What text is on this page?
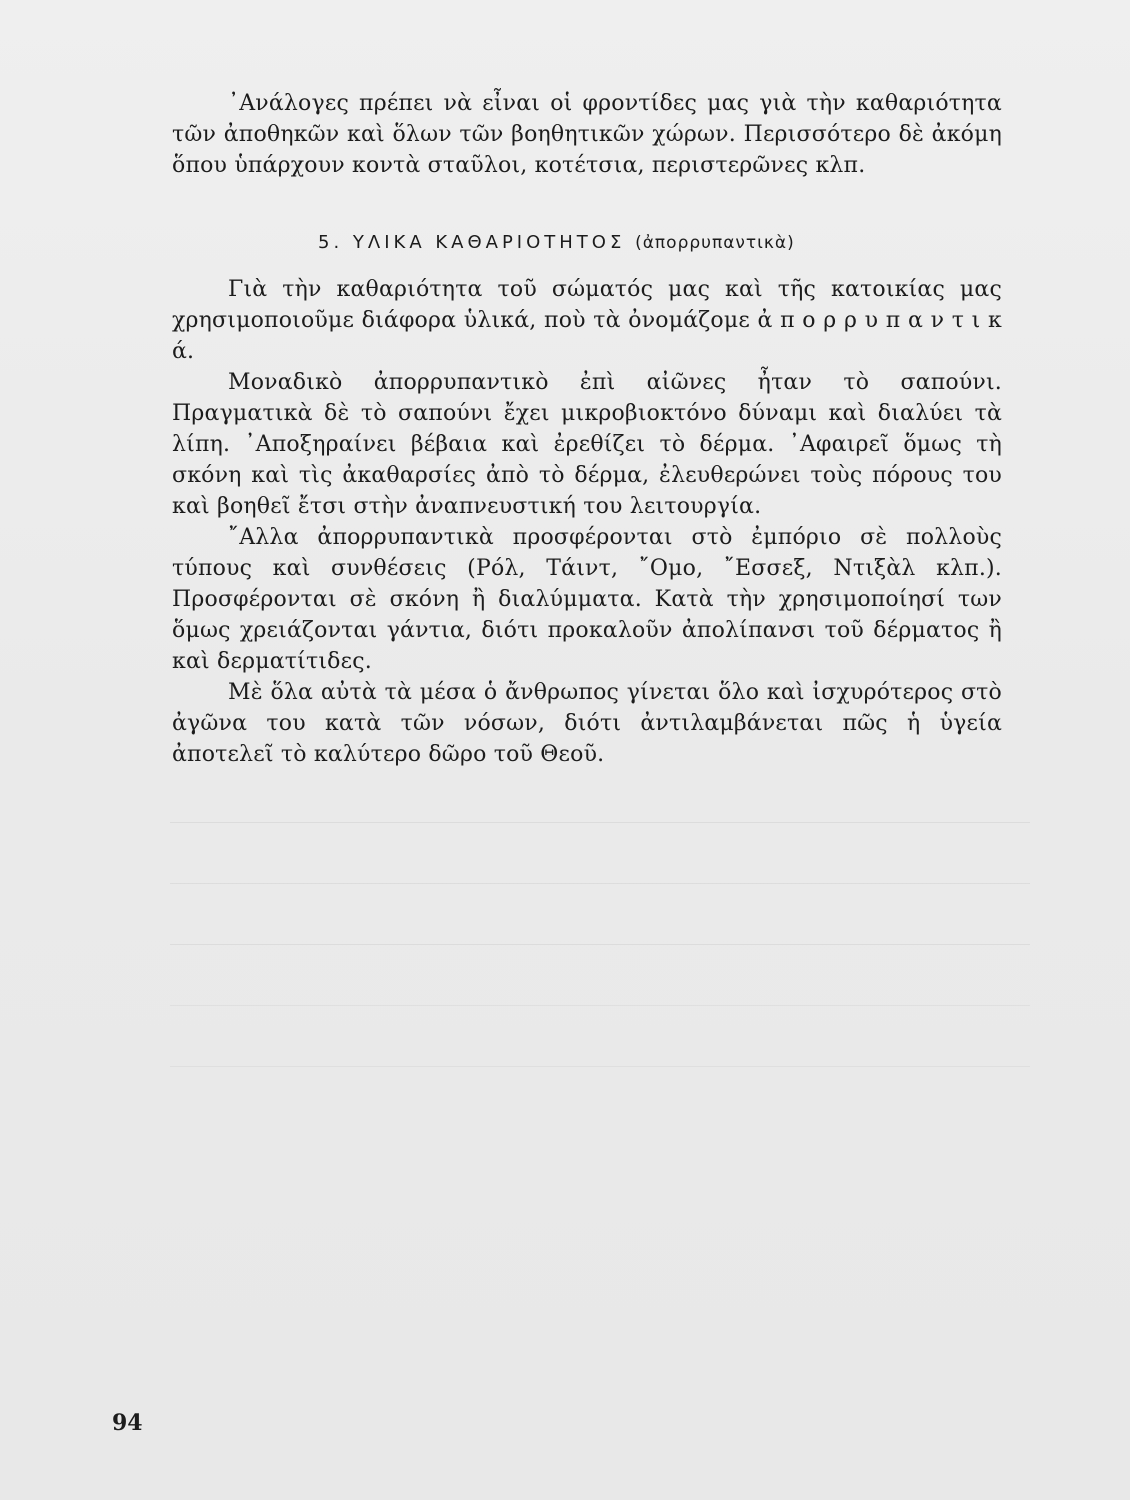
᾿Ανάλογες πρέπει νὰ εἶναι οἱ φροντίδες μας γιὰ τὴν καθαριότητα τῶν ἀποθηκῶν καὶ ὅλων τῶν βοηθητικῶν χώρων. Περισσότερο δὲ ἀκόμη ὅπου ὑπάρχουν κοντὰ σταῦλοι, κοτέτσια, περιστερῶνες κλπ.

5. ΥΛΙΚΑ ΚΑΘΑΡΙΟΤΗΤΟΣ (ἀπορρυπαντικὰ)

Γιὰ τὴν καθαριότητα τοῦ σώματός μας καὶ τῆς κατοικίας μας χρησιμοποιοῦμε διάφορα ὑλικά, ποὺ τὰ ὀνομάζομε ἀ π ο ρ ρ υ π α ν τ ι κ ά.

Μοναδικὸ ἀπορρυπαντικὸ ἐπὶ αἰῶνες ἦταν τὸ σαπούνι. Πραγματικὰ δὲ τὸ σαπούνι ἔχει μικροβιοκτόνο δύναμι καὶ διαλύει τὰ λίπη. ᾿Αποξηραίνει βέβαια καὶ ἐρεθίζει τὸ δέρμα. ᾿Αφαιρεῖ ὅμως τὴ σκόνη καὶ τὶς ἀκαθαρσίες ἀπὸ τὸ δέρμα, ἐλευθερώνει τοὺς πόρους του καὶ βοηθεῖ ἔτσι στὴν ἀναπνευστική του λειτουργία.

῎Αλλα ἀπορρυπαντικὰ προσφέρονται στὸ ἐμπόριο σὲ πολλοὺς τύπους καὶ συνθέσεις (Ρόλ, Τάιντ, ῎Ομο, ῎Εσσεξ, Ντιξὰλ κλπ.). Προσφέρονται σὲ σκόνη ἢ διαλύμματα. Κατὰ τὴν χρησιμοποίησί των ὅμως χρειάζονται γάντια, διότι προκαλοῦν ἀπολίπανσι τοῦ δέρματος ἢ καὶ δερματίτιδες.

Μὲ ὅλα αὐτὰ τὰ μέσα ὁ ἄνθρωπος γίνεται ὅλο καὶ ἰσχυρότερος στὸ ἀγῶνα του κατὰ τῶν νόσων, διότι ἀντιλαμβάνεται πῶς ἡ ὑγεία ἀποτελεῖ τὸ καλύτερο δῶρο τοῦ Θεοῦ.

94
